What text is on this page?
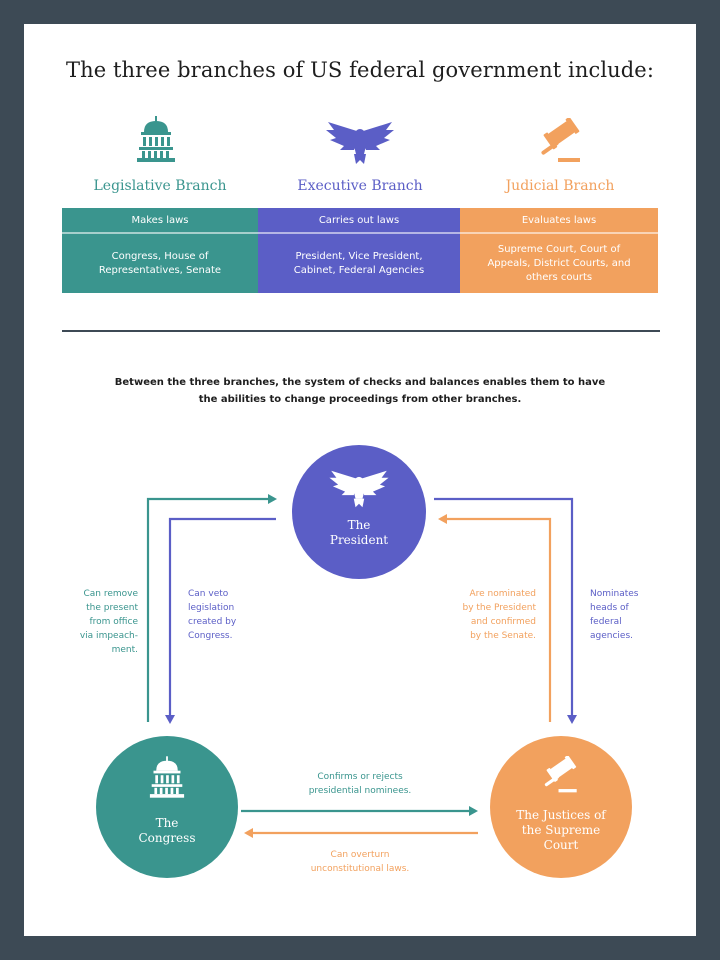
The three branches of US federal government include:
Legislative Branch	Executive Branch	Judicial Branch
Makes laws
Congress, House of Representatives, Senate
Carries out laws
President, Vice President, Cabinet, Federal Agencies
Evaluates laws
Supreme Court, Court of Appeals, District Courts, and others courts
Between the three branches, the system of checks and balances enables them to have
the abilities to change proceedings from other branches.
The
President
The
Congress
The Justices of
the Supreme
Court
Can remove
the present
from office
via impeach-
ment.
Can veto
legislation
created by
Congress.
Are nominated
by the President
and confirmed
by the Senate.
Nominates
heads of
federal
agencies.
Confirms or rejects
presidential nominees.
Can overturn
unconstitutional laws.
